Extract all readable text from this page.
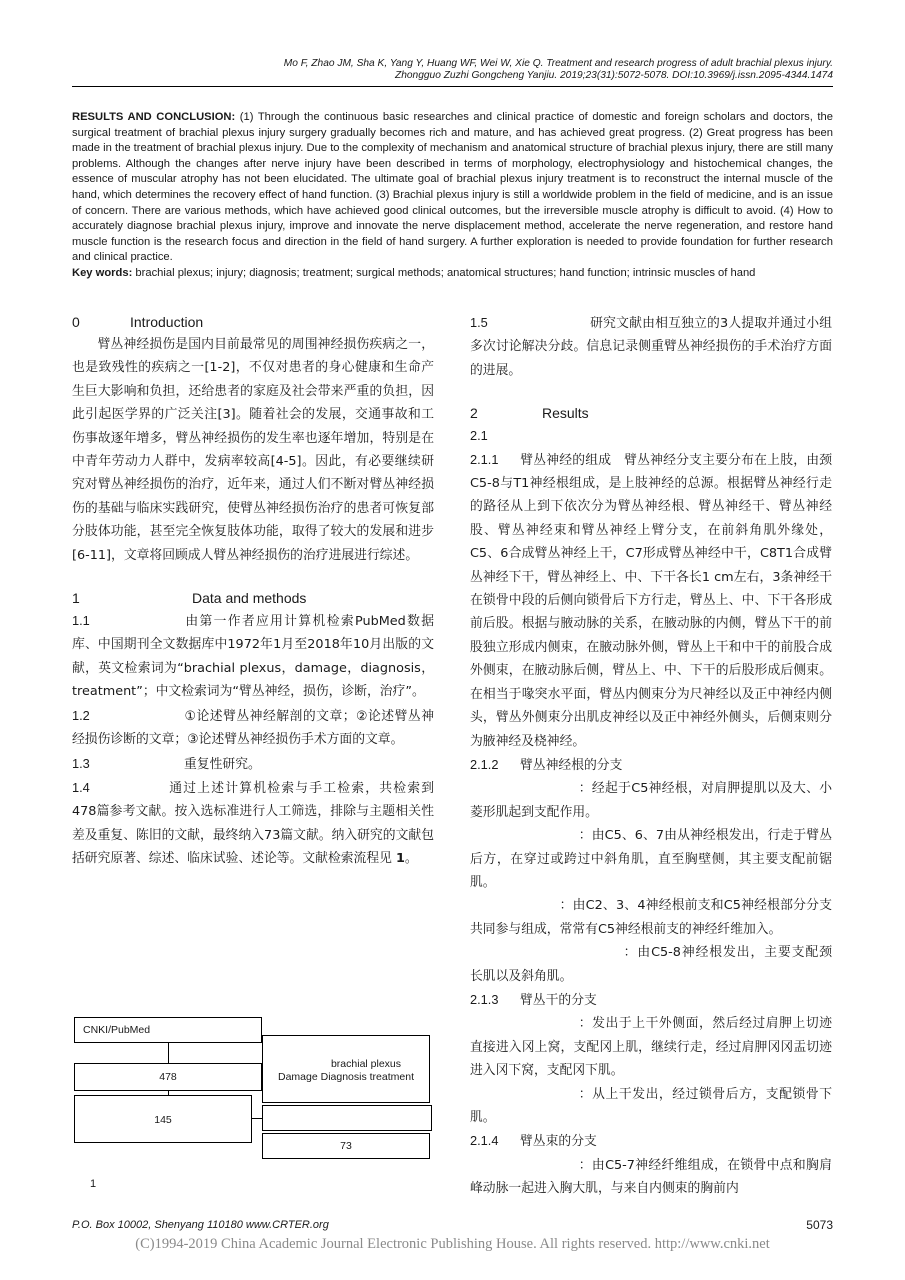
Mo F, Zhao JM, Sha K, Yang Y, Huang WF, Wei W, Xie Q. Treatment and research progress of adult brachial plexus injury.
Zhongguo Zuzhi Gongcheng Yanjiu. 2019;23(31):5072-5078. DOI:10.3969/j.issn.2095-4344.1474
RESULTS AND CONCLUSION: (1) Through the continuous basic researches and clinical practice of domestic and foreign scholars and doctors, the surgical treatment of brachial plexus injury surgery gradually becomes rich and mature, and has achieved great progress. (2) Great progress has been made in the treatment of brachial plexus injury. Due to the complexity of mechanism and anatomical structure of brachial plexus injury, there are still many problems. Although the changes after nerve injury have been described in terms of morphology, electrophysiology and histochemical changes, the essence of muscular atrophy has not been elucidated. The ultimate goal of brachial plexus injury treatment is to reconstruct the internal muscle of the hand, which determines the recovery effect of hand function. (3) Brachial plexus injury is still a worldwide problem in the field of medicine, and is an issue of concern. There are various methods, which have achieved good clinical outcomes, but the irreversible muscle atrophy is difficult to avoid. (4) How to accurately diagnose brachial plexus injury, improve and innovate the nerve displacement method, accelerate the nerve regeneration, and restore hand muscle function is the research focus and direction in the field of hand surgery. A further exploration is needed to provide foundation for further research and clinical practice.
Key words: brachial plexus; injury; diagnosis; treatment; surgical methods; anatomical structures; hand function; intrinsic muscles of hand
0	Introduction

臂丛神经损伤是国内目前最常见的周围神经损伤疾病之一，也是致残性的疾病之一[1-2]，不仅对患者的身心健康和生命产生巨大影响和负担，还给患者的家庭及社会带来严重的负担，因此引起医学界的广泛关注[3]。随着社会的发展，交通事故和工伤事故逐年增多，臂丛神经损伤的发生率也逐年增加，特别是在中青年劳动力人群中，发病率较高[4-5]。因此，有必要继续研究对臂丛神经损伤的治疗，近年来，通过人们不断对臂丛神经损伤的基础与临床实践研究，使臂丛神经损伤治疗的患者可恢复部分肢体功能，甚至完全恢复肢体功能，取得了较大的发展和进步[6-11]，文章将回顾成人臂丛神经损伤的治疗进展进行综述。

1	Data and methods

1.1	由第一作者应用计算机检索PubMed数据库、中国期刊全文数据库中1972年1月至2018年10月出版的文献，英文检索词为“brachial plexus，damage，diagnosis，treatment”；中文检索词为“臂丛神经，损伤，诊断，治疗”。

1.2	①论述臂丛神经解剖的文章；②论述臂丛神经损伤诊断的文章；③论述臂丛神经损伤手术方面的文章。

1.3	重复性研究。

1.4	通过上述计算机检索与手工检索，共检索到478篇参考文献。按入选标准进行人工筛选，排除与主题相关性差及重复、陈旧的文献，最终纳入73篇文献。纳入研究的文献包括研究原著、综述、临床试验、述论等。文献检索流程见 1。

CNKI/PubMed
478
brachial plexus
Damage Diagnosis treatment
145
73
1

1.5	研究文献由相互独立的3人提取并通过小组多次讨论解决分歧。信息记录侧重臂丛神经损伤的手术治疗方面的进展。

2	Results
2.1

2.1.1 臂丛神经的组成 臂丛神经分支主要分布在上肢，由颈C5-8与T1神经根组成，是上肢神经的总源。根据臂丛神经行走的路径从上到下依次分为臂丛神经根、臂丛神经干、臂丛神经股、臂丛神经束和臂丛神经上臂分支，在前斜角肌外缘处，C5、6合成臂丛神经上干，C7形成臂丛神经中干，C8T1合成臂丛神经下干，臂丛神经上、中、下干各长1 cm左右，3条神经干在锁骨中段的后侧向锁骨后下方行走，臂丛上、中、下干各形成前后股。根据与腋动脉的关系，在腋动脉的内侧，臂丛下干的前股独立形成内侧束，在腋动脉外侧，臂丛上干和中干的前股合成外侧束，在腋动脉后侧，臂丛上、中、下干的后股形成后侧束。在相当于喙突水平面，臂丛内侧束分为尺神经以及正中神经内侧头，臂丛外侧束分出肌皮神经以及正中神经外侧头，后侧束则分为腋神经及桡神经。

2.1.2 臂丛神经根的分支

：经起于C5神经根，对肩胛提肌以及大、小菱形肌起到支配作用。

：由C5、6、7由从神经根发出，行走于臂丛后方，在穿过或跨过中斜角肌，直至胸壁侧，其主要支配前锯肌。

：由C2、3、4神经根前支和C5神经根部分分支共同参与组成，常常有C5神经根前支的神经纤维加入。

：由C5-8神经根发出，主要支配颈长肌以及斜角肌。

2.1.3 臂丛干的分支

：发出于上干外侧面，然后经过肩胛上切迹直接进入冈上窝，支配冈上肌，继续行走，经过肩胛冈冈盂切迹进入冈下窝，支配冈下肌。

：从上干发出，经过锁骨后方，支配锁骨下肌。

2.1.4 臂丛束的分支

：由C5-7神经纤维组成，在锁骨中点和胸肩峰动脉一起进入胸大肌，与来自内侧束的胸前内

P.O. Box 10002, Shenyang 110180 www.CRTER.org	5073
(C)1994-2019 China Academic Journal Electronic Publishing House. All rights reserved. http://www.cnki.net
